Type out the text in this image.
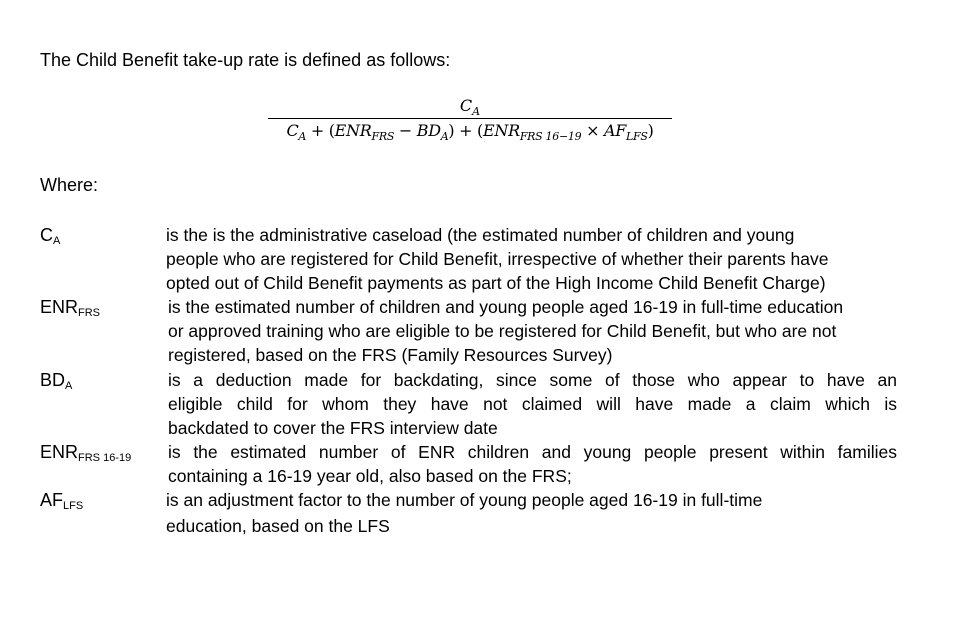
The Child Benefit take-up rate is defined as follows:
$C_A$
$C_A + (ENR_{FRS} - BD_A) + (ENR_{FRS 16-19} \times AF_{LFS})$
Where:
$C_A$	is the is the administrative caseload (the estimated number of children and young
people who are registered for Child Benefit, irrespective of whether their parents have
opted out of Child Benefit payments as part of the High Income Child Benefit Charge)
$ENR_{FRS}$	is the estimated number of children and young people aged 16-19 in full-time education
or approved training who are eligible to be registered for Child Benefit, but who are not
registered, based on the FRS (Family Resources Survey)
$BD_A$	is a deduction made for backdating, since some of those who appear to have an
eligible child for whom they have not claimed will have made a claim which is
backdated to cover the FRS interview date
$ENR_{FRS 16-19}$ is the estimated number of ENR children and young people present within families
containing a 16-19 year old, also based on the FRS;
$AF_{LFS}$	is an adjustment factor to the number of young people aged 16-19 in full-time
education, based on the LFS
